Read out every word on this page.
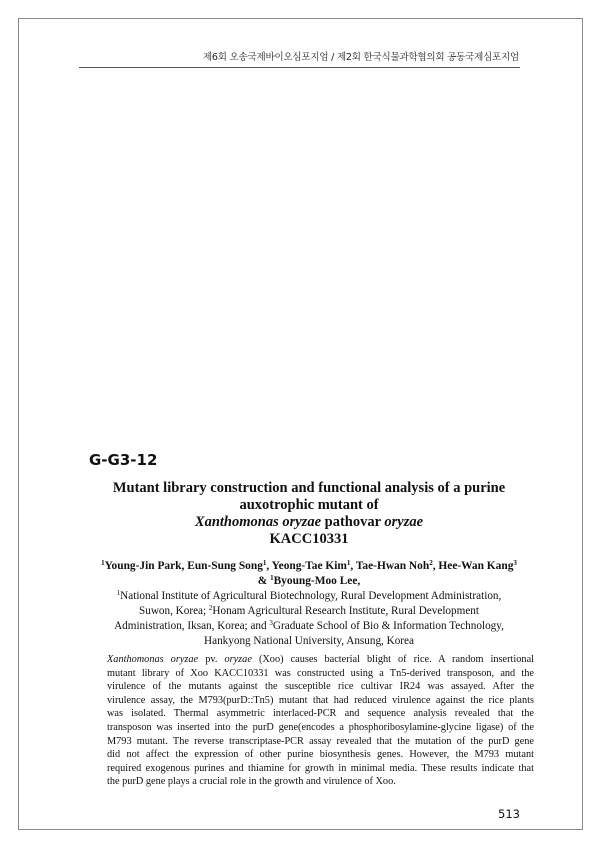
제6회 오송국제바이오심포지엄 / 제2회 한국식물과학협의회 공동국제심포지엄
G-G3-12
Mutant library construction and functional analysis of a purine
auxotrophic mutant of
Xanthomonas oryzae pathovar oryzae
KACC10331
$^1$Young-Jin Park, Eun-Sung Song$^1$, Yeong-Tae Kim$^1$, Tae-Hwan Noh$^2$, Hee-Wan Kang$^3$
& $^1$Byoung-Moo Lee,
$^1$National Institute of Agricultural Biotechnology, Rural Development Administration,
Suwon, Korea; $^2$Honam Agricultural Research Institute, Rural Development
Administration, Iksan, Korea; and $^3$Graduate School of Bio & Information Technology,
Hankyong National University, Ansung, Korea
Xanthomonas oryzae pv. oryzae (Xoo) causes bacterial blight of rice. A random insertional
mutant library of Xoo KACC10331 was constructed using a Tn5-derived transposon, and the
virulence of the mutants against the susceptible rice cultivar IR24 was assayed. After the
virulence assay, the M793(purD::Tn5) mutant that had reduced virulence against the rice plants
was isolated. Thermal asymmetric interlaced-PCR and sequence analysis revealed that the
transposon was inserted into the purD gene(encodes a phosphoribosylamine-glycine ligase) of the
M793 mutant. The reverse transcriptase-PCR assay revealed that the mutation of the purD gene
did not affect the expression of other purine biosynthesis genes. However, the M793 mutant
required exogenous purines and thiamine for growth in minimal media. These results indicate that
the purD gene plays a crucial role in the growth and virulence of Xoo.
513
